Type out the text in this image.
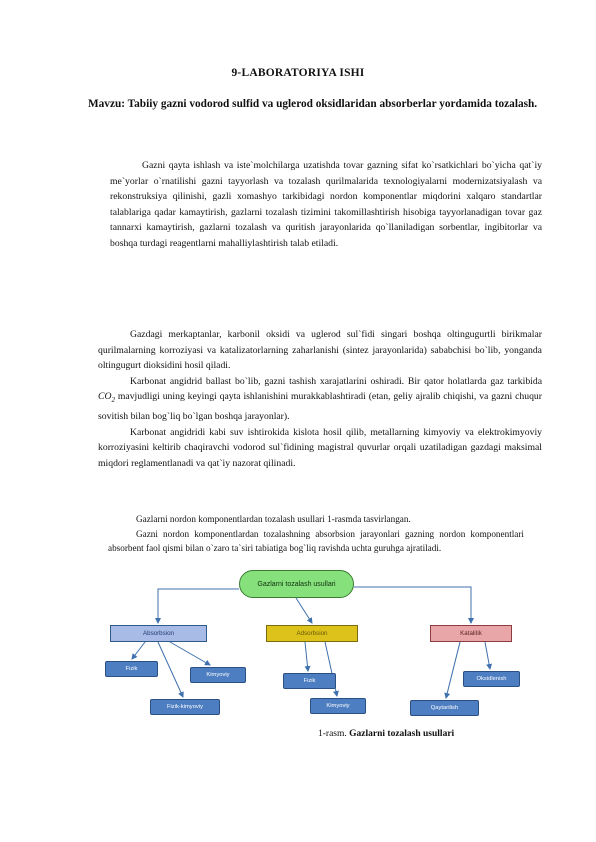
9-LABORATORIYA ISHI
Mavzu: Tabiiy gazni vodorod sulfid va uglerod oksidlaridan absorberlar yordamida tozalash.

Gazni qayta ishlash va iste`molchilarga uzatishda tovar gazning sifat ko`rsatkichlari bo`yicha qat`iy me`yorlar o`rnatilishi gazni tayyorlash va tozalash qurilmalarida texnologiyalarni modernizatsiyalash va rekonstruksiya qilinishi, gazli xomashyo tarkibidagi nordon komponentlar miqdorini xalqaro standartlar talablariga qadar kamaytirish, gazlarni tozalash tizimini takomillashtirish hisobiga tayyorlanadigan tovar gaz tannarxi kamaytirish, gazlarni tozalash va quritish jarayonlarida qo`llaniladigan sorbentlar, ingibitorlar va boshqa turdagi reagentlarni mahalliylashtirish talab etiladi.

Gazdagi merkaptanlar, karbonil oksidi va uglerod sul`fidi singari boshqa oltingugurtli birikmalar qurilmalarning korroziyasi va katalizatorlarning zaharlanishi (sintez jarayonlarida) sababchisi bo`lib, yonganda oltingugurt dioksidini hosil qiladi.
Karbonat angidrid ballast bo`lib, gazni tashish xarajatlarini oshiradi. Bir qator holatlarda gaz tarkibida $CO_2$ mavjudligi uning keyingi qayta ishlanishini murakkablashtiradi (etan, geliy ajralib chiqishi, va gazni chuqur sovitish bilan bog`liq bo`lgan boshqa jarayonlar).
Karbonat angidridi kabi suv ishtirokida kislota hosil qilib, metallarning kimyoviy va elektrokimyoviy korroziyasini keltirib chaqiravchi vodorod sul`fidining magistral quvurlar orqali uzatiladigan gazdagi maksimal miqdori reglamentlanadi va qat`iy nazorat qilinadi.
Gazlarni nordon komponentlardan tozalash usullari 1-rasmda tasvirlangan.
Gazni nordon komponentlardan tozalashning absorbsion jarayonlari gazning nordon komponentlari absorbent faol qismi bilan o`zaro ta`siri tabiatiga bog`liq ravishda uchta guruhga ajratiladi.
Gazlarni tozalash usullari
Absorbsion	Adsorbsion	Katalitik
Fizik
Kimyoviy
Fizik-kimyoviy
Fizik
Kimyoviy
Oksidlenish
Qaytarilish
1-rasm. Gazlarni tozalash usullari
